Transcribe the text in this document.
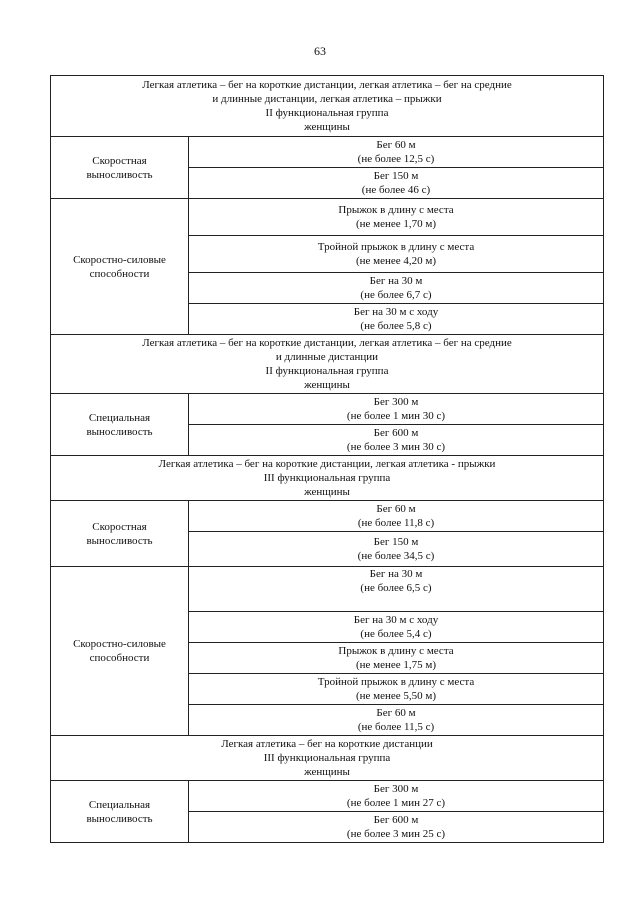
63
Легкая атлетика – бег на короткие дистанции, легкая атлетика – бег на средние
и длинные дистанции, легкая атлетика – прыжки
II функциональная группа
женщины	

Скоростная
выносливость	Бег 60 м
(не более 12,5 с)

	Бег 150 м
(не более 46 с)

Скоростно-силовые
способности	Прыжок в длину с места
(не менее 1,70 м)

	Тройной прыжок в длину с места
(не менее 4,20 м)

	Бег на 30 м
(не более 6,7 с)

	Бег на 30 м с ходу
(не более 5,8 с)

Легкая атлетика – бег на короткие дистанции, легкая атлетика – бег на средние
и длинные дистанции
II функциональная группа
женщины	

Специальная
выносливость	Бег 300 м
(не более 1 мин 30 с)

	Бег 600 м
(не более 3 мин 30 с)

Легкая атлетика – бег на короткие дистанции, легкая атлетика - прыжки
III функциональная группа
женщины	

Скоростная
выносливость	Бег 60 м
(не более 11,8 с)

	Бег 150 м
(не более 34,5 с)

Скоростно-силовые
способности	Бег на 30 м
(не более 6,5 с)

	Бег на 30 м с ходу
(не более 5,4 с)

	Прыжок в длину с места
(не менее 1,75 м)

	Тройной прыжок в длину с места
(не менее 5,50 м)

	Бег 60 м
(не более 11,5 с)

Легкая атлетика – бег на короткие дистанции
III функциональная группа
женщины	

Специальная
выносливость	Бег 300 м
(не более 1 мин 27 с)

	Бег 600 м
(не более 3 мин 25 с)
